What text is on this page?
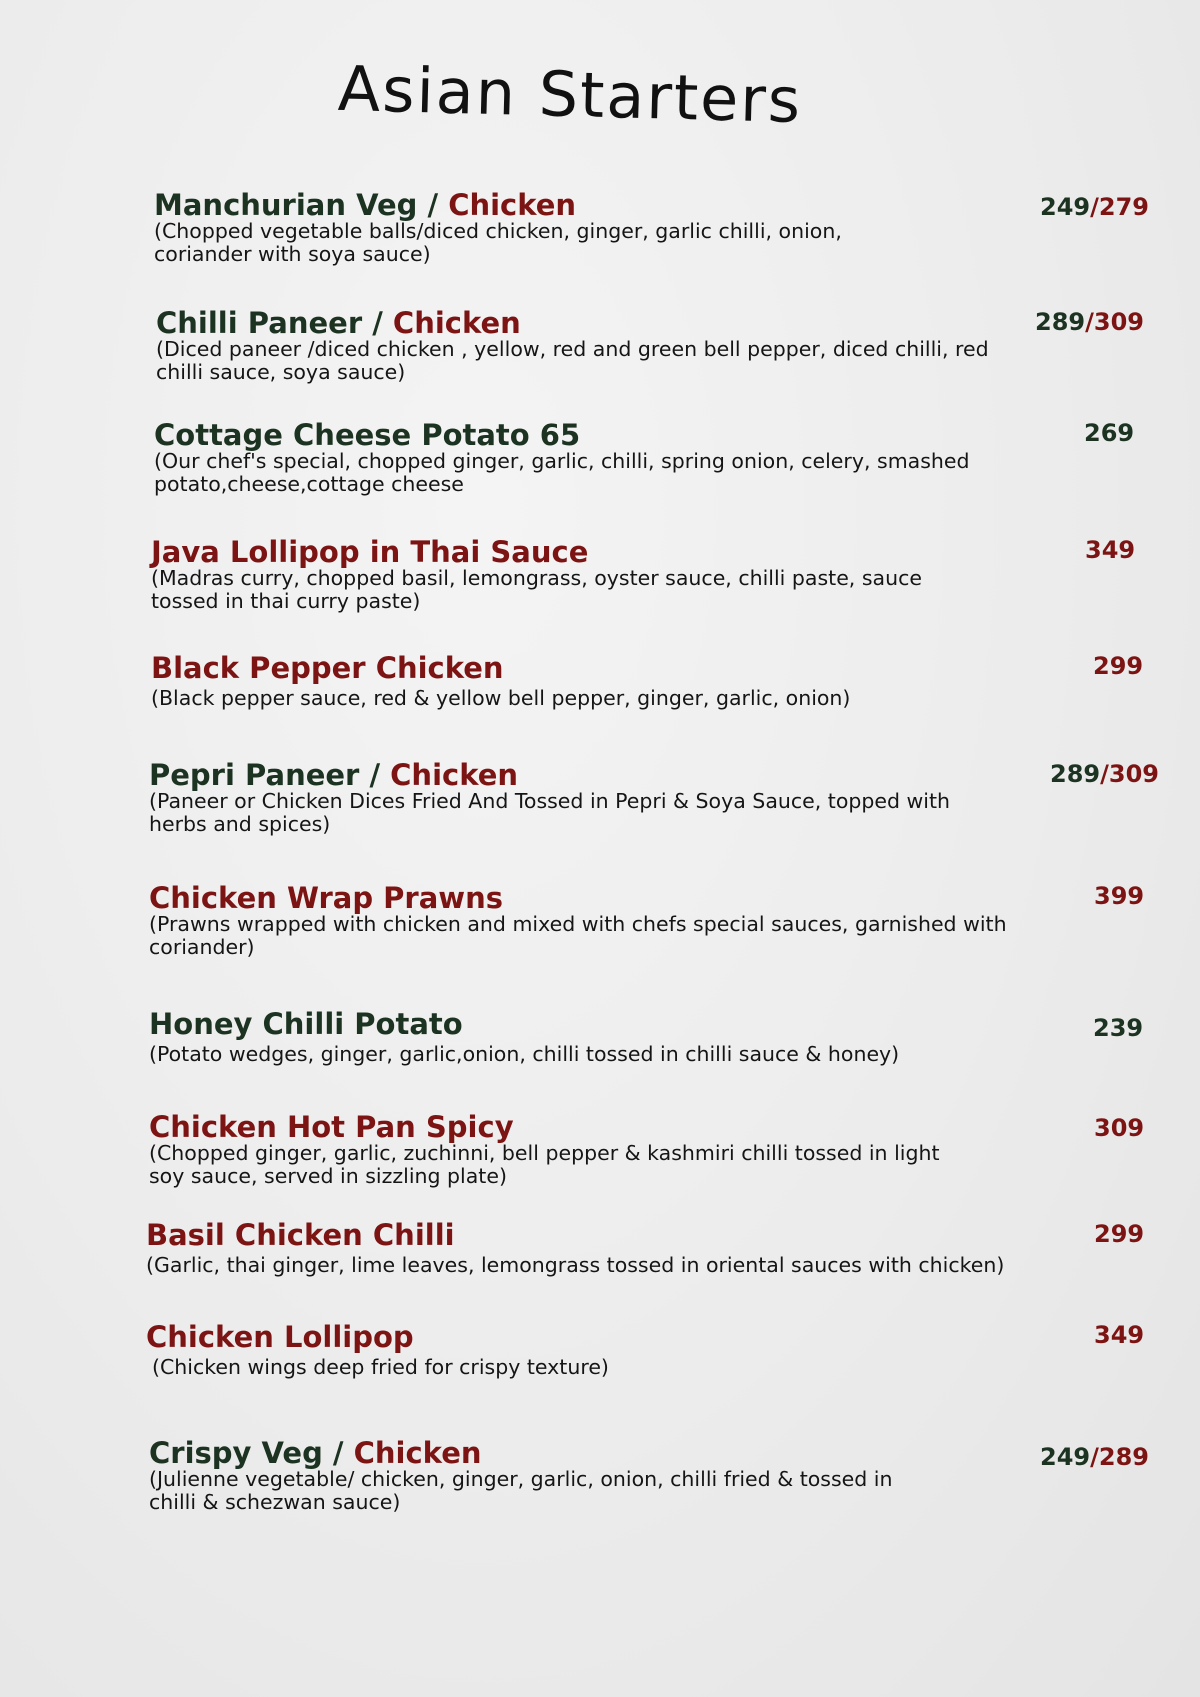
Asian Starters
Manchurian Veg / Chicken
(Chopped vegetable balls/diced chicken, ginger, garlic chilli, onion, coriander with soya sauce)
249/279
Chilli Paneer / Chicken
(Diced paneer /diced chicken , yellow, red and green bell pepper, diced chilli, red chilli sauce, soya sauce)
289/309
Cottage Cheese Potato 65
(Our chef's special, chopped ginger, garlic, chilli, spring onion, celery, smashed potato,cheese,cottage cheese
269
Java Lollipop in Thai Sauce
(Madras curry, chopped basil, lemongrass, oyster sauce, chilli paste, sauce tossed in thai curry paste)
349
Black Pepper Chicken
(Black pepper sauce, red & yellow bell pepper, ginger, garlic, onion)
299
Pepri Paneer / Chicken
(Paneer or Chicken Dices Fried And Tossed in Pepri & Soya Sauce, topped with herbs and spices)
289/309
Chicken Wrap Prawns
(Prawns wrapped with chicken and mixed with chefs special sauces, garnished with coriander)
399
Honey Chilli Potato
(Potato wedges, ginger, garlic,onion, chilli tossed in chilli sauce & honey)
239
Chicken Hot Pan Spicy
(Chopped ginger, garlic, zuchinni, bell pepper & kashmiri chilli tossed in light soy sauce, served in sizzling plate)
309
Basil Chicken Chilli
(Garlic, thai ginger, lime leaves, lemongrass tossed in oriental sauces with chicken)
299
Chicken Lollipop
(Chicken wings deep fried for crispy texture)
349
Crispy Veg / Chicken
(Julienne vegetable/ chicken, ginger, garlic, onion, chilli fried & tossed in chilli & schezwan sauce)
249/289
